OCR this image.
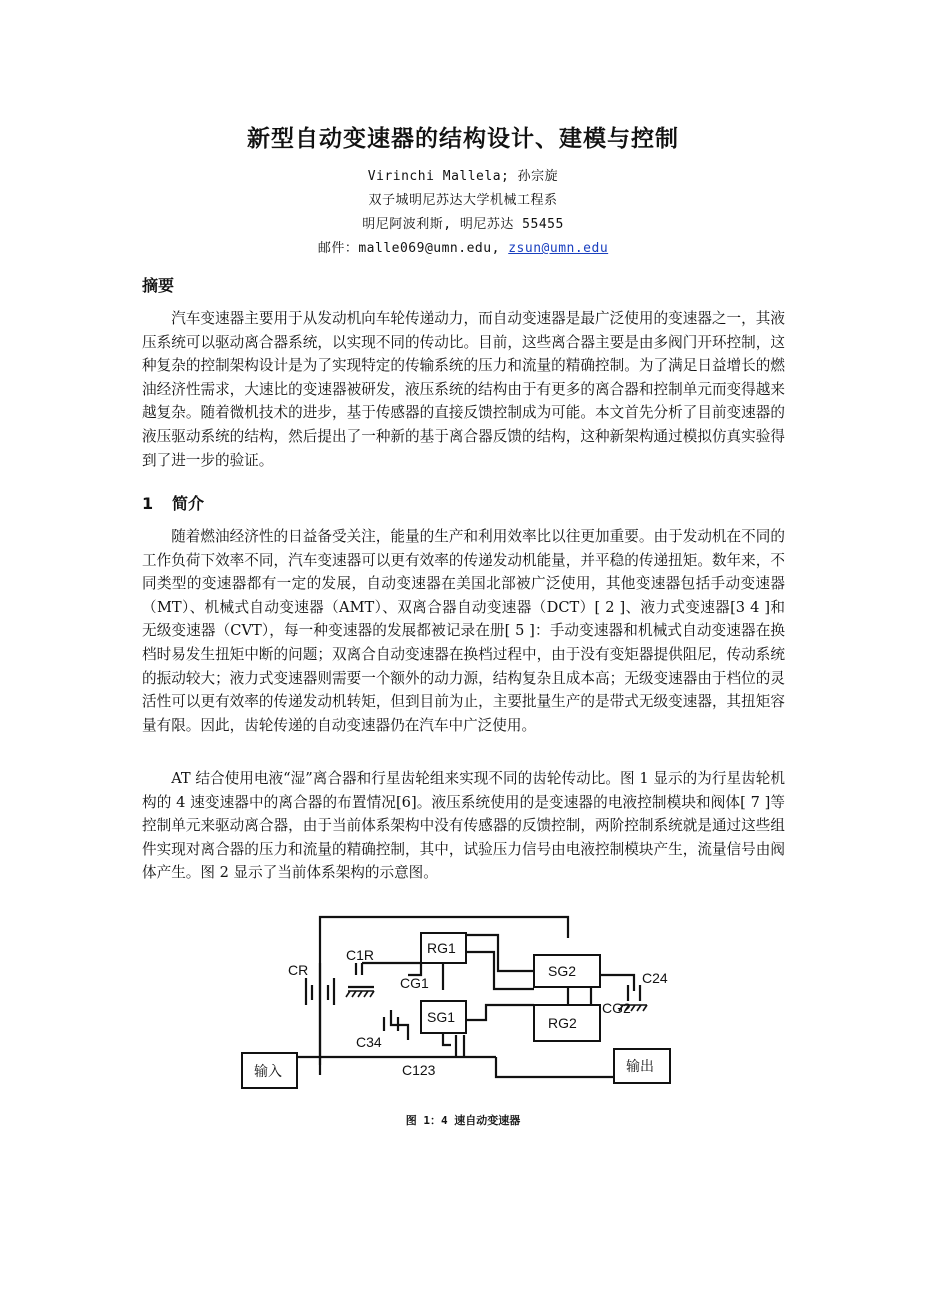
新型自动变速器的结构设计、建模与控制
Virinchi Mallela; 孙宗旋
双子城明尼苏达大学机械工程系
明尼阿波利斯, 明尼苏达 55455
邮件：malle069@umn.edu, zsun@umn.edu
摘要

汽车变速器主要用于从发动机向车轮传递动力，而自动变速器是最广泛使用的变速器之一，其液压系统可以驱动离合器系统，以实现不同的传动比。目前，这些离合器主要是由多阀门开环控制，这种复杂的控制架构设计是为了实现特定的传输系统的压力和流量的精确控制。为了满足日益增长的燃油经济性需求，大速比的变速器被研发，液压系统的结构由于有更多的离合器和控制单元而变得越来越复杂。随着微机技术的进步，基于传感器的直接反馈控制成为可能。本文首先分析了目前变速器的液压驱动系统的结构，然后提出了一种新的基于离合器反馈的结构，这种新架构通过模拟仿真实验得到了进一步的验证。

1 简介

随着燃油经济性的日益备受关注，能量的生产和利用效率比以往更加重要。由于发动机在不同的工作负荷下效率不同，汽车变速器可以更有效率的传递发动机能量，并平稳的传递扭矩。数年来，不同类型的变速器都有一定的发展，自动变速器在美国北部被广泛使用，其他变速器包括手动变速器（MT）、机械式自动变速器（AMT）、双离合器自动变速器（DCT）[ 2 ]、液力式变速器[3 4 ]和无级变速器（CVT），每一种变速器的发展都被记录在册[ 5 ]：手动变速器和机械式自动变速器在换档时易发生扭矩中断的问题；双离合自动变速器在换档过程中，由于没有变矩器提供阻尼，传动系统的振动较大；液力式变速器则需要一个额外的动力源，结构复杂且成本高；无级变速器由于档位的灵活性可以更有效率的传递发动机转矩，但到目前为止，主要批量生产的是带式无级变速器，其扭矩容量有限。因此，齿轮传递的自动变速器仍在汽车中广泛使用。

AT 结合使用电液“湿”离合器和行星齿轮组来实现不同的齿轮传动比。图 1 显示的为行星齿轮机构的 4 速变速器中的离合器的布置情况[6]。液压系统使用的是变速器的电液控制模块和阀体[ 7 ]等控制单元来驱动离合器，由于当前体系架构中没有传感器的反馈控制，两阶控制系统就是通过这些组件实现对离合器的压力和流量的精确控制，其中，试验压力信号由电液控制模块产生，流量信号由阀体产生。图 2 显示了当前体系架构的示意图。

CR
C1R	RG1
CG1
SG1
SG2
RG2
CG2
C24
C34
C123
输入	输出
图 1：4 速自动变速器
